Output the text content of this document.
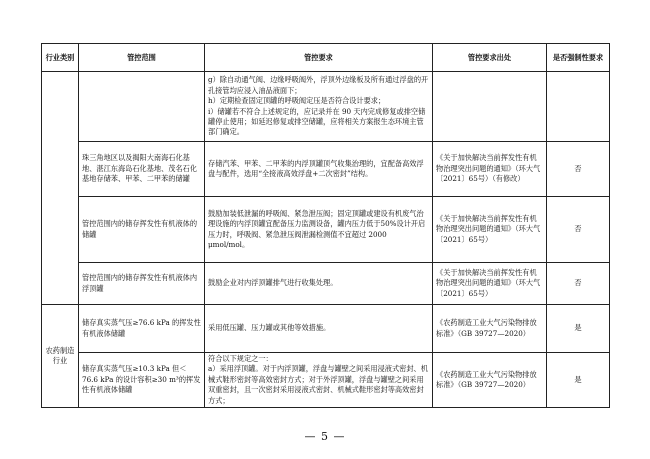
行业类别	管控范围	管控要求	管控要求出处	是否强制性要求
		g）除自动通气阀、边缘呼吸阀外，浮顶外边缘板及所有通过浮盘的开孔接管均应浸入油品液面下；
h）定期检查固定顶罐的呼吸阀定压是否符合设计要求；
i）储罐若不符合上述规定的，应记录并在 90 天内完成修复或排空储罐停止使用；如延迟修复或排空储罐，应将相关方案报生态环境主管部门确定。		
	珠三角地区以及揭阳大南海石化基地、湛江东海岛石化基地、茂名石化基地存储苯、甲苯、二甲苯的储罐	存储汽苯、甲苯、二甲苯的内浮顶罐顶气收集治理的，宜配备高效浮盘与配件，选用“全接液高效浮盘+二次密封”结构。	《关于加快解决当前挥发性有机物治理突出问题的通知》（环大气〔2021〕65号）（有修改）	否
	管控范围内的储存挥发性有机液体的储罐	鼓励加装低泄漏的呼吸阀、紧急泄压阀；固定顶罐或建设有机废气治理设施的内浮顶罐宜配备压力监测设备，罐内压力低于50%设计开启压力时，呼吸阀、紧急泄压阀泄漏检测值不宜超过 2000 μmol/mol。	《关于加快解决当前挥发性有机物治理突出问题的通知》（环大气〔2021〕65号）	否
	管控范围内的储存挥发性有机液体内浮顶罐	鼓励企业对内浮顶罐排气进行收集处理。	《关于加快解决当前挥发性有机物治理突出问题的通知》（环大气〔2021〕65号）	否
农药制造行业	储存真实蒸气压≥76.6 kPa 的挥发性有机液体储罐	采用低压罐、压力罐或其他等效措施。	《农药制造工业大气污染物排放标准》（GB 39727—2020）	是
	储存真实蒸气压≥10.3 kPa 但＜76.6 kPa 的设计容积≥30 m³的挥发性有机液体储罐	符合以下规定之一：
a）采用浮顶罐。对于内浮顶罐，浮盘与罐壁之间采用浸液式密封、机械式鞋形密封等高效密封方式；对于外浮顶罐，浮盘与罐壁之间采用双重密封，且一次密封采用浸液式密封、机械式鞋形密封等高效密封方式；	《农药制造工业大气污染物排放标准》（GB 39727—2020）	是
— 5 —
